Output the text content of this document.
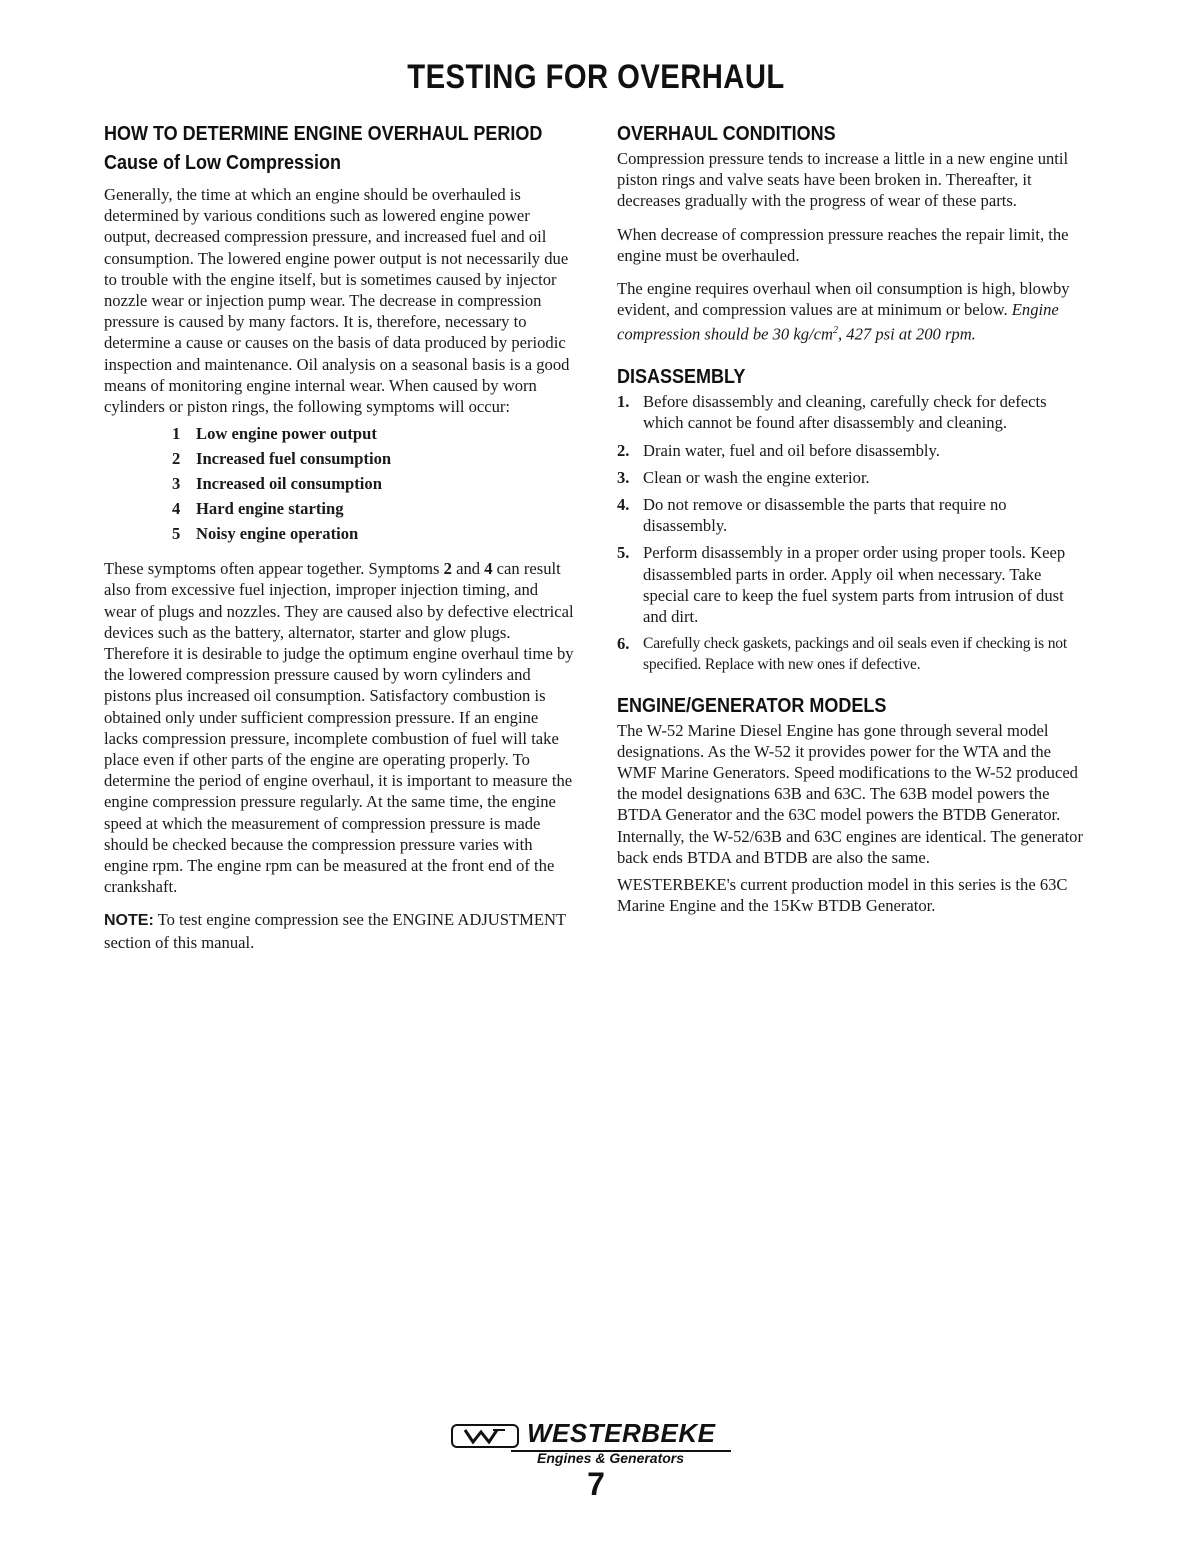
TESTING FOR OVERHAUL
HOW TO DETERMINE ENGINE OVERHAUL PERIOD
Cause of Low Compression

Generally, the time at which an engine should be overhauled is determined by various conditions such as lowered engine power output, decreased compression pressure, and increased fuel and oil consumption. The lowered engine power output is not necessarily due to trouble with the engine itself, but is sometimes caused by injector nozzle wear or injection pump wear. The decrease in compression pressure is caused by many factors. It is, therefore, necessary to determine a cause or causes on the basis of data produced by periodic inspection and maintenance. Oil analysis on a seasonal basis is a good means of monitoring engine internal wear. When caused by worn cylinders or piston rings, the following symptoms will occur:

1 Low engine power output
2 Increased fuel consumption
3 Increased oil consumption
4 Hard engine starting
5 Noisy engine operation

These symptoms often appear together. Symptoms 2 and 4 can result also from excessive fuel injection, improper injection timing, and wear of plugs and nozzles. They are caused also by defective electrical devices such as the battery, alternator, starter and glow plugs. Therefore it is desirable to judge the optimum engine overhaul time by the lowered compression pressure caused by worn cylinders and pistons plus increased oil consumption. Satisfactory combustion is obtained only under sufficient compression pressure. If an engine lacks compression pressure, incomplete combustion of fuel will take place even if other parts of the engine are operating properly. To determine the period of engine overhaul, it is important to measure the engine compression pressure regularly. At the same time, the engine speed at which the measurement of compression pressure is made should be checked because the compression pressure varies with engine rpm. The engine rpm can be measured at the front end of the crankshaft.

NOTE: To test engine compression see the ENGINE ADJUSTMENT section of this manual.

OVERHAUL CONDITIONS

Compression pressure tends to increase a little in a new engine until piston rings and valve seats have been broken in. Thereafter, it decreases gradually with the progress of wear of these parts.

When decrease of compression pressure reaches the repair limit, the engine must be overhauled.

The engine requires overhaul when oil consumption is high, blowby evident, and compression values are at minimum or below. Engine compression should be 30 $kg/cm^2$, 427 psi at 200 rpm.

DISASSEMBLY
1. Before disassembly and cleaning, carefully check for defects which cannot be found after disassembly and cleaning.
2. Drain water, fuel and oil before disassembly.
3. Clean or wash the engine exterior.
4. Do not remove or disassemble the parts that require no disassembly.
5. Perform disassembly in a proper order using proper tools. Keep disassembled parts in order. Apply oil when necessary. Take special care to keep the fuel system parts from intrusion of dust and dirt.
6. Carefully check gaskets, packings and oil seals even if checking is not specified. Replace with new ones if defective.
ENGINE/GENERATOR MODELS

The W-52 Marine Diesel Engine has gone through several model designations. As the W-52 it provides power for the WTA and the WMF Marine Generators. Speed modifications to the W-52 produced the model designations 63B and 63C. The 63B model powers the BTDA Generator and the 63C model powers the BTDB Generator. Internally, the W-52/63B and 63C engines are identical. The generator back ends BTDA and BTDB are also the same.

WESTERBEKE's current production model in this series is the 63C Marine Engine and the 15Kw BTDB Generator.

WESTERBEKE
Engines & Generators
7
